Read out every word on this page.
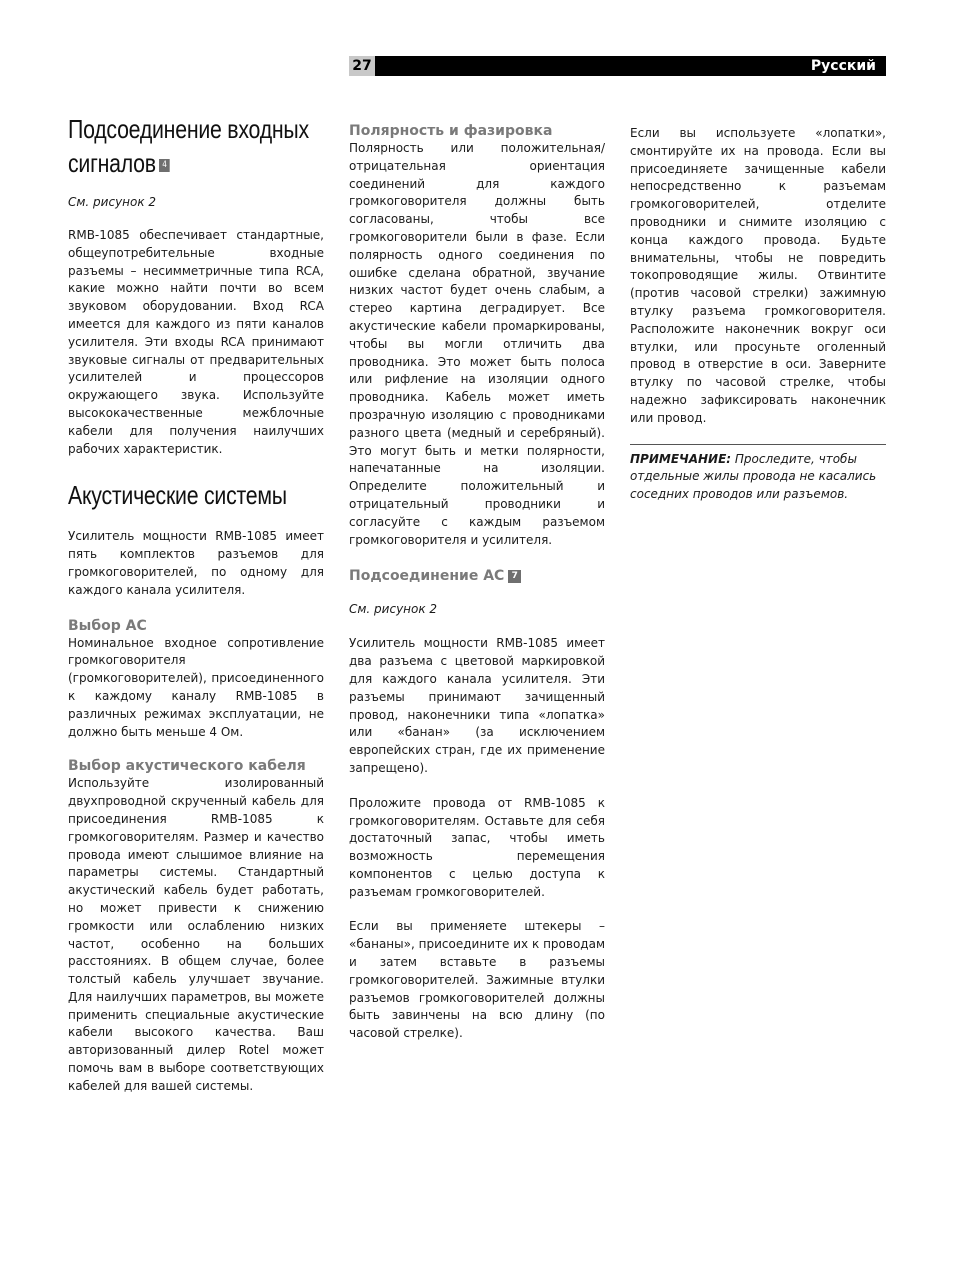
27	Русский
Подсоединение входных
сигналов 4

См. рисунок 2

RMB-1085 обеспечивает стандартные, общеупотребительные входные разъемы – несимметричные типа RCA, какие можно найти почти во всем звуковом оборудовании. Вход RCA имеется для каждого из пяти каналов усилителя. Эти входы RCA принимают звуковые сигналы от предварительных усилителей и процессоров окружающего звука. Используйте высококачественные межблочные кабели для получения наилучших рабочих характеристик.

Акустические системы

Усилитель мощности RMB-1085 имеет пять комплектов разъемов для громкоговорителей, по одному для каждого канала усилителя.

Выбор АС

Номинальное входное сопротивление громкоговорителя (громкоговорителей), присоединенного к каждому каналу RMB-1085 в различных режимах эксплуатации, не должно быть меньше 4 Ом.

Выбор акустического кабеля

Используйте изолированный двухпроводной скрученный кабель для присоединения RMB-1085 к громкоговорителям. Размер и качество провода имеют слышимое влияние на параметры системы. Стандартный акустический кабель будет работать, но может привести к снижению громкости или ослаблению низких частот, особенно на больших расстояниях. В общем случае, более толстый кабель улучшает звучание. Для наилучших параметров, вы можете применить специальные акустические кабели высокого качества. Ваш авторизованный дилер Rotel может помочь вам в выборе соответствующих кабелей для вашей системы.

Полярность и фазировка

Полярность или положительная/отрицательная ориентация соединений для каждого громкоговорителя должны быть согласованы, чтобы все громкоговорители были в фазе. Если полярность одного соединения по ошибке сделана обратной, звучание низких частот будет очень слабым, а стерео картина деградирует. Все акустические кабели промаркированы, чтобы вы могли отличить два проводника. Это может быть полоса или рифление на изоляции одного проводника. Кабель может иметь прозрачную изоляцию с проводниками разного цвета (медный и серебряный). Это могут быть и метки полярности, напечатанные на изоляции. Определите положительный и отрицательный проводники и согласуйте с каждым разъемом громкоговорителя и усилителя.

Подсоединение АС 7

См. рисунок 2

Усилитель мощности RMB-1085 имеет два разъема с цветовой маркировкой для каждого канала усилителя. Эти разъемы принимают зачищенный провод, наконечники типа «лопатка» или «банан» (за исключением европейских стран, где их применение запрещено).

Проложите провода от RMB-1085 к громкоговорителям. Оставьте для себя достаточный запас, чтобы иметь возможность перемещения компонентов с целью доступа к разъемам громкоговорителей.

Если вы применяете штекеры – «бананы», присоедините их к проводам и затем вставьте в разъемы громкоговорителей. Зажимные втулки разъемов громкоговорителей должны быть завинчены на всю длину (по часовой стрелке).

Если вы используете «лопатки», смонтируйте их на провода. Если вы присоединяете зачищенные кабели непосредственно к разъемам громкоговорителей, отделите проводники и снимите изоляцию с конца каждого провода. Будьте внимательны, чтобы не повредить токопроводящие жилы. Отвинтите (против часовой стрелки) зажимную втулку разъема громкоговорителя. Расположите наконечник вокруг оси втулки, или просуньте оголенный провод в отверстие в оси. Заверните втулку по часовой стрелке, чтобы надежно зафиксировать наконечник или провод.

ПРИМЕЧАНИЕ: Проследите, чтобы отдельные жилы провода не касались соседних проводов или разъемов.
